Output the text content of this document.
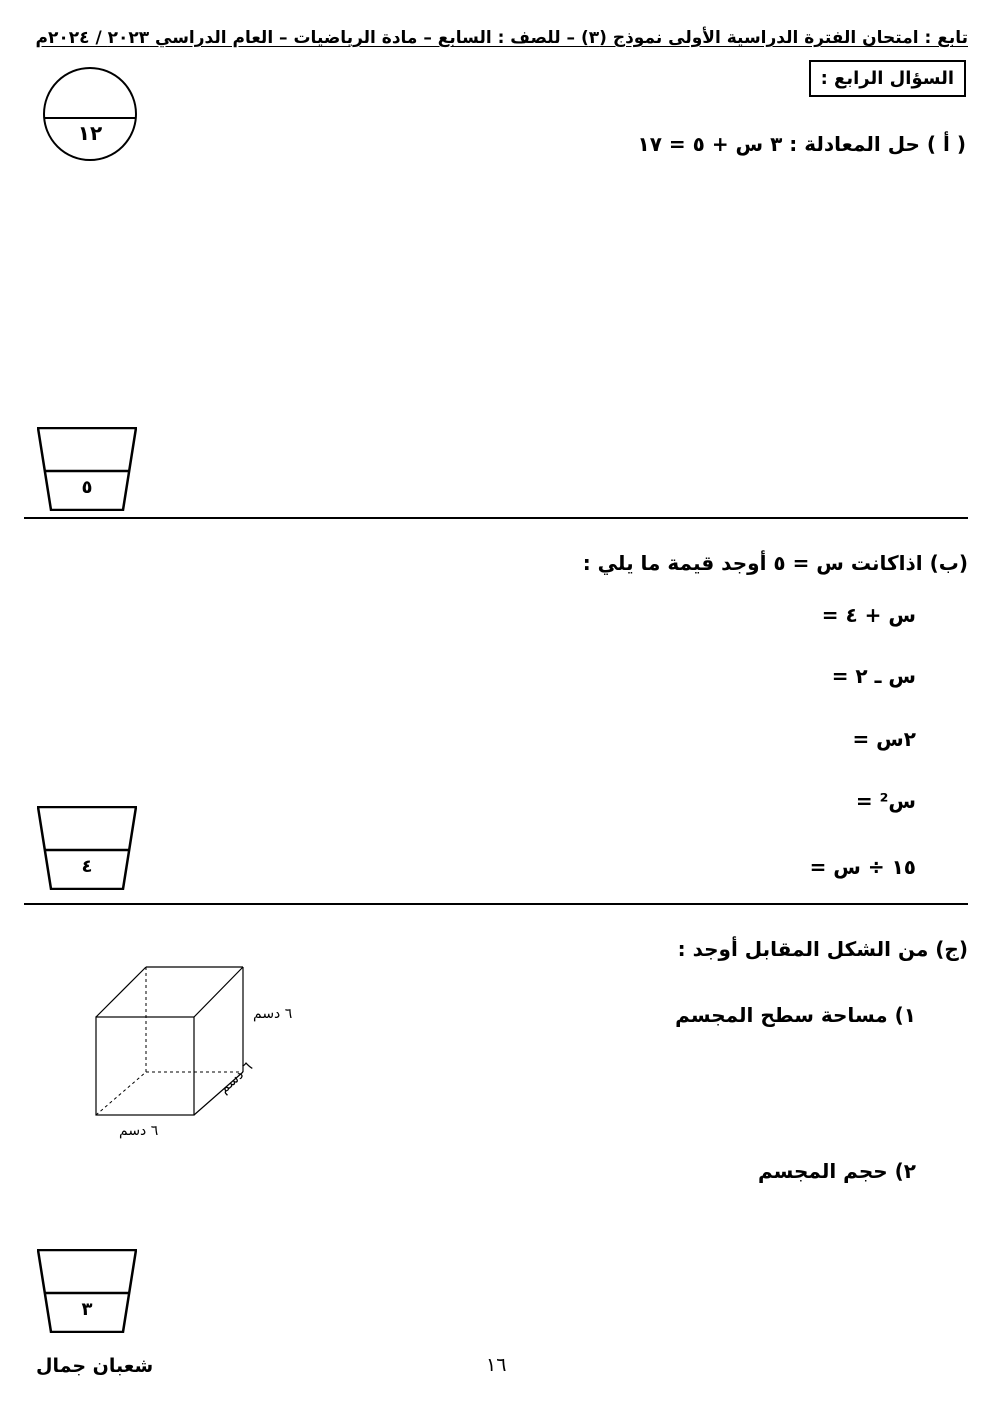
تابع : امتحان الفترة الدراسية الأولى نموذج (٣) – للصف : السابع – مادة الرياضيات – العام الدراسي ٢٠٢٣ / ٢٠٢٤م
السؤال الرابع :
١٢	( أ ) حل المعادلة : ٣ س + ٥ = ١٧
٥
(ب) اذاكانت س = ٥ أوجد قيمة ما يلي :
س + ٤ =
س ـ ٢ =
٢س =
س² =
١٥ ÷ س =
٤
(ج) من الشكل المقابل أوجد :
١) مساحة سطح المجسم
٢) حجم المجسم
٦ دسم
٦ دسم
٦ دسم
٣
شعبان جمال	١٦
